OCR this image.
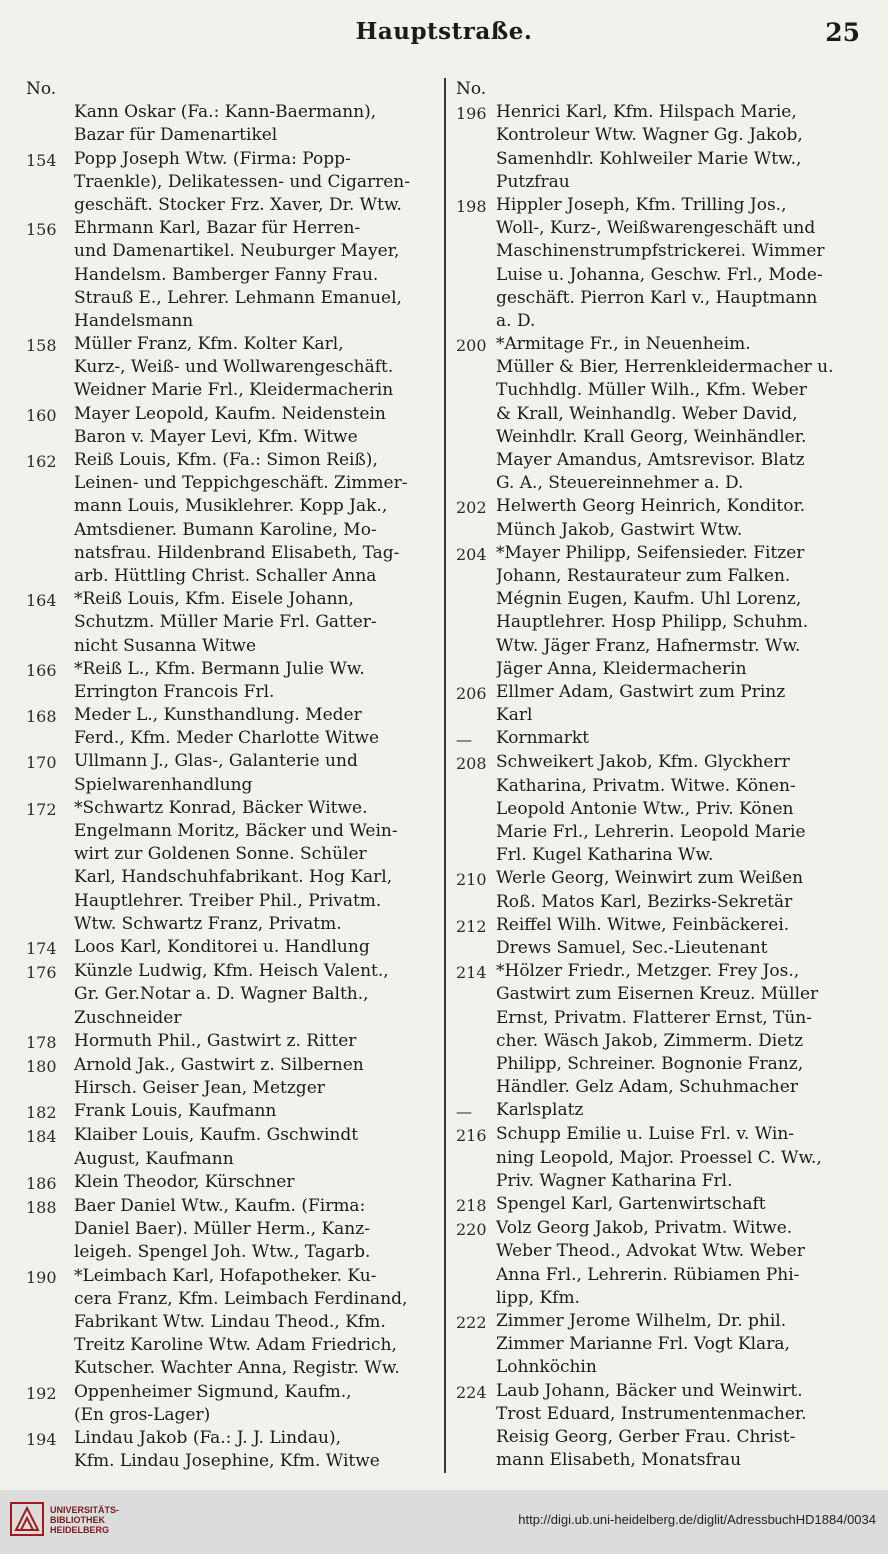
Hauptstraße.	25
No.
Kann Oskar (Fa.: Kann-Baermann),
Bazar für Damenartikel
154	Popp Joseph Wtw. (Firma: Popp-
Traenkle), Delikatessen- und Cigarren-
geschäft. Stocker Frz. Xaver, Dr. Wtw.
156	Ehrmann Karl, Bazar für Herren-
und Damenartikel. Neuburger Mayer,
Handelsm. Bamberger Fanny Frau.
Strauß E., Lehrer. Lehmann Emanuel,
Handelsmann
158	Müller Franz, Kfm. Kolter Karl,
Kurz-, Weiß- und Wollwarengeschäft.
Weidner Marie Frl., Kleidermacherin
160	Mayer Leopold, Kaufm. Neidenstein
Baron v. Mayer Levi, Kfm. Witwe
162	Reiß Louis, Kfm. (Fa.: Simon Reiß),
Leinen- und Teppichgeschäft. Zimmer-
mann Louis, Musiklehrer. Kopp Jak.,
Amtsdiener. Bumann Karoline, Mo-
natsfrau. Hildenbrand Elisabeth, Tag-
arb. Hüttling Christ. Schaller Anna
164	*Reiß Louis, Kfm. Eisele Johann,
Schutzm. Müller Marie Frl. Gatter-
nicht Susanna Witwe
166	*Reiß L., Kfm. Bermann Julie Ww.
Errington Francois Frl.
168	Meder L., Kunsthandlung. Meder
Ferd., Kfm. Meder Charlotte Witwe
170	Ullmann J., Glas-, Galanterie und
Spielwarenhandlung
172	*Schwartz Konrad, Bäcker Witwe.
Engelmann Moritz, Bäcker und Wein-
wirt zur Goldenen Sonne. Schüler
Karl, Handschuhfabrikant. Hog Karl,
Hauptlehrer. Treiber Phil., Privatm.
Wtw. Schwartz Franz, Privatm.
174	Loos Karl, Konditorei u. Handlung
176	Künzle Ludwig, Kfm. Heisch Valent.,
Gr. Ger.Notar a. D. Wagner Balth.,
Zuschneider
178	Hormuth Phil., Gastwirt z. Ritter
180	Arnold Jak., Gastwirt z. Silbernen
Hirsch. Geiser Jean, Metzger
182	Frank Louis, Kaufmann
184	Klaiber Louis, Kaufm. Gschwindt
August, Kaufmann
186	Klein Theodor, Kürschner
188	Baer Daniel Wtw., Kaufm. (Firma:
Daniel Baer). Müller Herm., Kanz-
leigeh. Spengel Joh. Wtw., Tagarb.
190	*Leimbach Karl, Hofapotheker. Ku-
cera Franz, Kfm. Leimbach Ferdinand,
Fabrikant Wtw. Lindau Theod., Kfm.
Treitz Karoline Wtw. Adam Friedrich,
Kutscher. Wachter Anna, Registr. Ww.
192	Oppenheimer Sigmund, Kaufm.,
(En gros-Lager)
194	Lindau Jakob (Fa.: J. J. Lindau),
Kfm. Lindau Josephine, Kfm. Witwe
No.
196 Henrici Karl, Kfm. Hilspach Marie,
Kontroleur Wtw. Wagner Gg. Jakob,
Samenhdlr. Kohlweiler Marie Wtw.,
Putzfrau
198 Hippler Joseph, Kfm. Trilling Jos.,
Woll-, Kurz-, Weißwarengeschäft und
Maschinenstrumpfstrickerei. Wimmer
Luise u. Johanna, Geschw. Frl., Mode-
geschäft. Pierron Karl v., Hauptmann
a. D.
200 *Armitage Fr., in Neuenheim.
Müller & Bier, Herrenkleidermacher u.
Tuchhdlg. Müller Wilh., Kfm. Weber
& Krall, Weinhandlg. Weber David,
Weinhdlr. Krall Georg, Weinhändler.
Mayer Amandus, Amtsrevisor. Blatz
G. A., Steuereinnehmer a. D.
202 Helwerth Georg Heinrich, Konditor.
Münch Jakob, Gastwirt Wtw.
204 *Mayer Philipp, Seifensieder. Fitzer
Johann, Restaurateur zum Falken.
Mégnin Eugen, Kaufm. Uhl Lorenz,
Hauptlehrer. Hosp Philipp, Schuhm.
Wtw. Jäger Franz, Hafnermstr. Ww.
Jäger Anna, Kleidermacherin
206 Ellmer Adam, Gastwirt zum Prinz
Karl
—	Kornmarkt
208 Schweikert Jakob, Kfm. Glyckherr
Katharina, Privatm. Witwe. Könen-
Leopold Antonie Wtw., Priv. Könen
Marie Frl., Lehrerin. Leopold Marie
Frl. Kugel Katharina Ww.
210 Werle Georg, Weinwirt zum Weißen
Roß. Matos Karl, Bezirks-Sekretär
212 Reiffel Wilh. Witwe, Feinbäckerei.
Drews Samuel, Sec.-Lieutenant
214 *Hölzer Friedr., Metzger. Frey Jos.,
Gastwirt zum Eisernen Kreuz. Müller
Ernst, Privatm. Flatterer Ernst, Tün-
cher. Wäsch Jakob, Zimmerm. Dietz
Philipp, Schreiner. Bognonie Franz,
Händler. Gelz Adam, Schuhmacher
—	Karlsplatz
216 Schupp Emilie u. Luise Frl. v. Win-
ning Leopold, Major. Proessel C. Ww.,
Priv. Wagner Katharina Frl.
218 Spengel Karl, Gartenwirtschaft
220 Volz Georg Jakob, Privatm. Witwe.
Weber Theod., Advokat Wtw. Weber
Anna Frl., Lehrerin. Rübiamen Phi-
lipp, Kfm.
222 Zimmer Jerome Wilhelm, Dr. phil.
Zimmer Marianne Frl. Vogt Klara,
Lohnköchin
224 Laub Johann, Bäcker und Weinwirt.
Trost Eduard, Instrumentenmacher.
Reisig Georg, Gerber Frau. Christ-
mann Elisabeth, Monatsfrau
UNIVERSITÄTS-
BIBLIOTHEK
HEIDELBERG
http://digi.ub.uni-heidelberg.de/diglit/AdressbuchHD1884/0034
